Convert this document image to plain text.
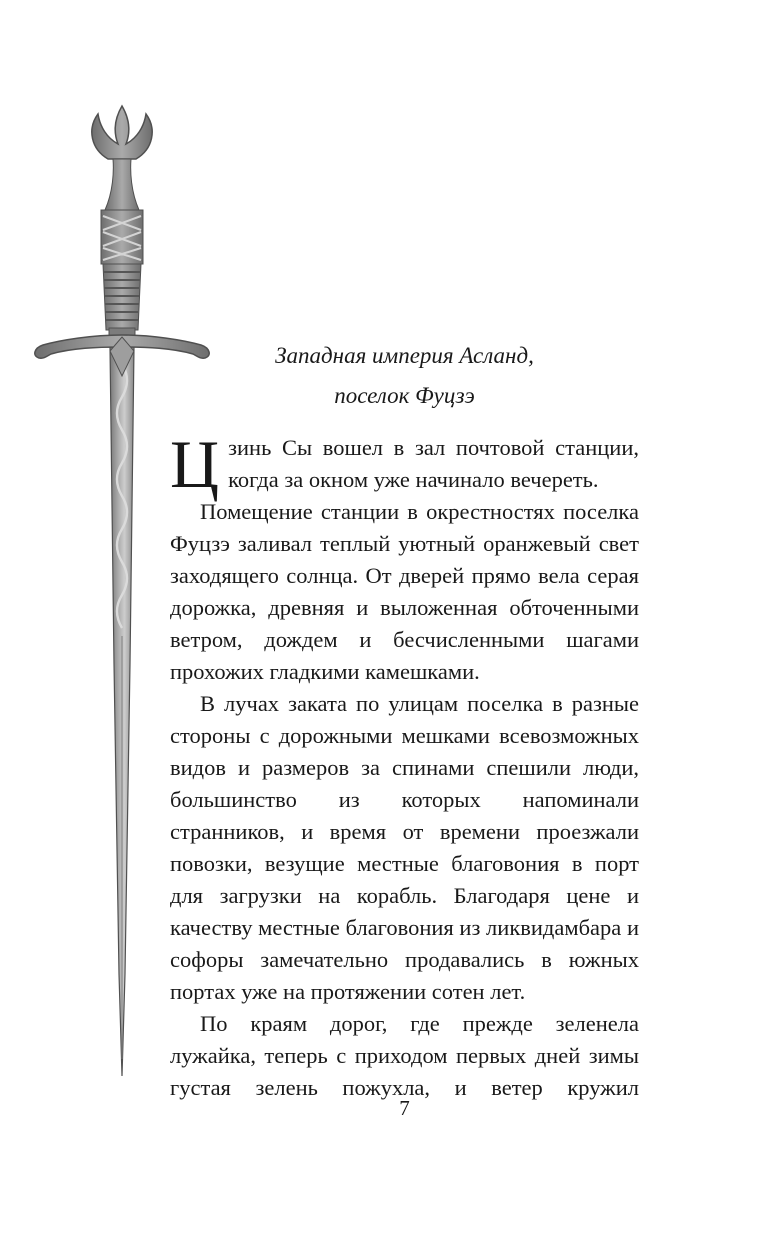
Западная империя Асланд,
поселок Фуцзэ

Цзинь Сы вошел в зал почтовой станции, когда за окном уже начинало вечереть.

Помещение станции в окрестностях поселка Фуцзэ заливал теплый уютный оранжевый свет заходящего солнца. От дверей прямо вела серая дорожка, древняя и выложенная обточенными ветром, дождем и бесчисленными шагами прохожих гладкими камешками.

В лучах заката по улицам поселка в разные стороны с дорожными мешками всевозможных видов и размеров за спинами спешили люди, большинство из которых напоминали странников, и время от времени проезжали повозки, везущие местные благовония в порт для загрузки на корабль. Благодаря цене и качеству местные благовония из ликвидамбара и софоры замечательно продавались в южных портах уже на протяжении сотен лет.

По краям дорог, где прежде зеленела лужайка, теперь с приходом первых дней зимы густая зелень пожухла, и ветер кружил

7
